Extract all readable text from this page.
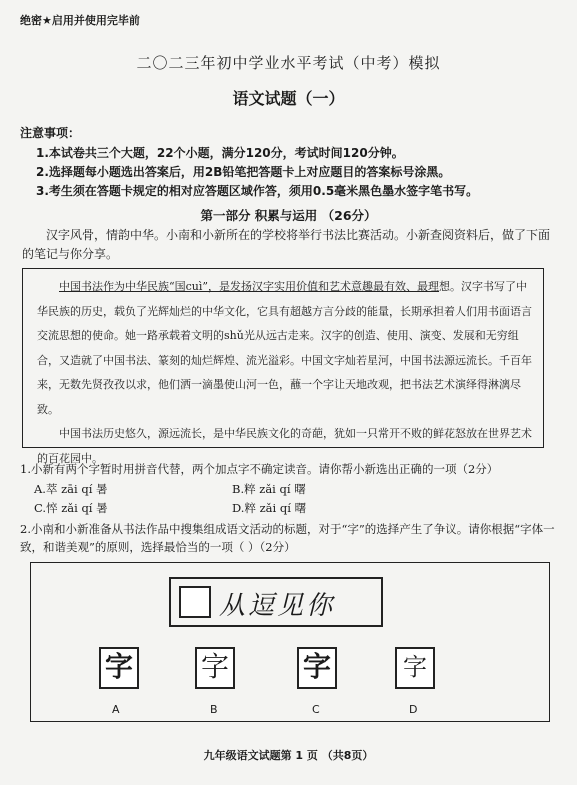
绝密★启用并使用完毕前
二〇二三年初中学业水平考试（中考）模拟
语文试题（一）
注意事项：
1.本试卷共三个大题，22个小题，满分120分，考试时间120分钟。
2.选择题每小题选出答案后，用2B铅笔把答题卡上对应题目的答案标号涂黑。
3.考生须在答题卡规定的相对应答题区域作答，须用0.5毫米黑色墨水签字笔书写。
第一部分 积累与运用 （26分）
汉字风骨，情韵中华。小南和小新所在的学校将举行书法比赛活动。小新查阅资料后，做了下面的笔记与你分享。
中国书法作为中华民族“国cuì”，是发扬汉字实用价值和艺术意趣最有效、最理想。汉字书写了中华民族的历史，载负了光辉灿烂的中华文化，它具有超越方言分歧的能量，长期承担着人们用书面语言交流思想的使命。她一路承载着文明的shǔ光从远古走来。汉字的创造、使用、演变、发展和无穷组合，又造就了中国书法、篆刻的灿烂辉煌、流光溢彩。中国文字灿若星河，中国书法源远流长。千百年来，无数先贤孜孜以求，他们洒一滴墨使山河一色，蘸一个字让天地改观，把书法艺术演绎得淋漓尽致。
中国书法历史悠久，源远流长，是中华民族文化的奇葩，犹如一只常开不败的鲜花怒放在世界艺术的百花园中。
1.小新有两个字暂时用拼音代替，两个加点字不确定读音。请你帮小新选出正确的一项（2分）
A.萃 zāi qí 暑	B.粹 zǎi qí 曙
C.悴 zǎi qí 暑	D.粹 zǎi qí 曙
2.小南和小新准备从书法作品中搜集组成语文活动的标题，对于“字”的选择产生了争议。请你根据“字体一致，和谐美观”的原则，选择最恰当的一项（ ）（2分）
从逗见你
字 字	字	字
A	B	C	D
九年级语文试题第 1 页 （共8页）
